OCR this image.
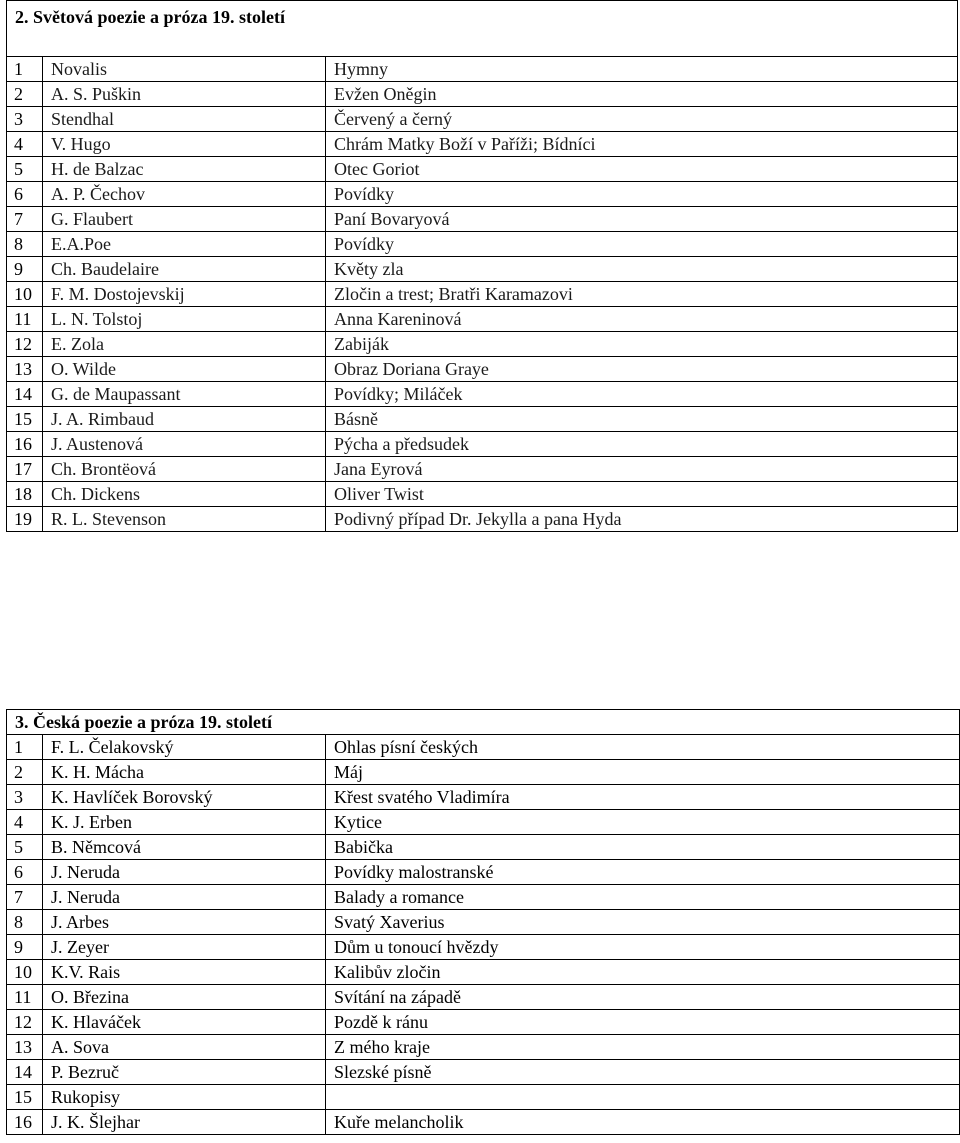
2. Světová poezie a próza 19. století		
1	Novalis	Hymny
2	A. S. Puškin	Evžen Oněgin
3	Stendhal	Červený a černý
4	V. Hugo	Chrám Matky Boží v Paříži; Bídníci
5	H. de Balzac	Otec Goriot
6	A. P. Čechov	Povídky
7	G. Flaubert	Paní Bovaryová
8	E.A.Poe	Povídky
9	Ch. Baudelaire	Květy zla
10	F. M. Dostojevskij	Zločin a trest; Bratři Karamazovi
11	L. N. Tolstoj	Anna Kareninová
12	E. Zola	Zabiják
13	O. Wilde	Obraz Doriana Graye
14	G. de Maupassant	Povídky; Miláček
15	J. A. Rimbaud	Básně
16	J. Austenová	Pýcha a předsudek
17	Ch. Brontëová	Jana Eyrová
18	Ch. Dickens	Oliver Twist
19	R. L. Stevenson	Podivný případ Dr. Jekylla a pana Hyda
3. Česká poezie a próza 19. století		
1	F. L. Čelakovský	Ohlas písní českých
2	K. H. Mácha	Máj
3	K. Havlíček Borovský	Křest svatého Vladimíra
4	K. J. Erben	Kytice
5	B. Němcová	Babička
6	J. Neruda	Povídky malostranské
7	J. Neruda	Balady a romance
8	J. Arbes	Svatý Xaverius
9	J. Zeyer	Dům u tonoucí hvězdy
10	K.V. Rais	Kalibův zločin
11	O. Březina	Svítání na západě
12	K. Hlaváček	Pozdě k ránu
13	A. Sova	Z mého kraje
14	P. Bezruč	Slezské písně
15	Rukopisy	
16	J. K. Šlejhar	Kuře melancholik
